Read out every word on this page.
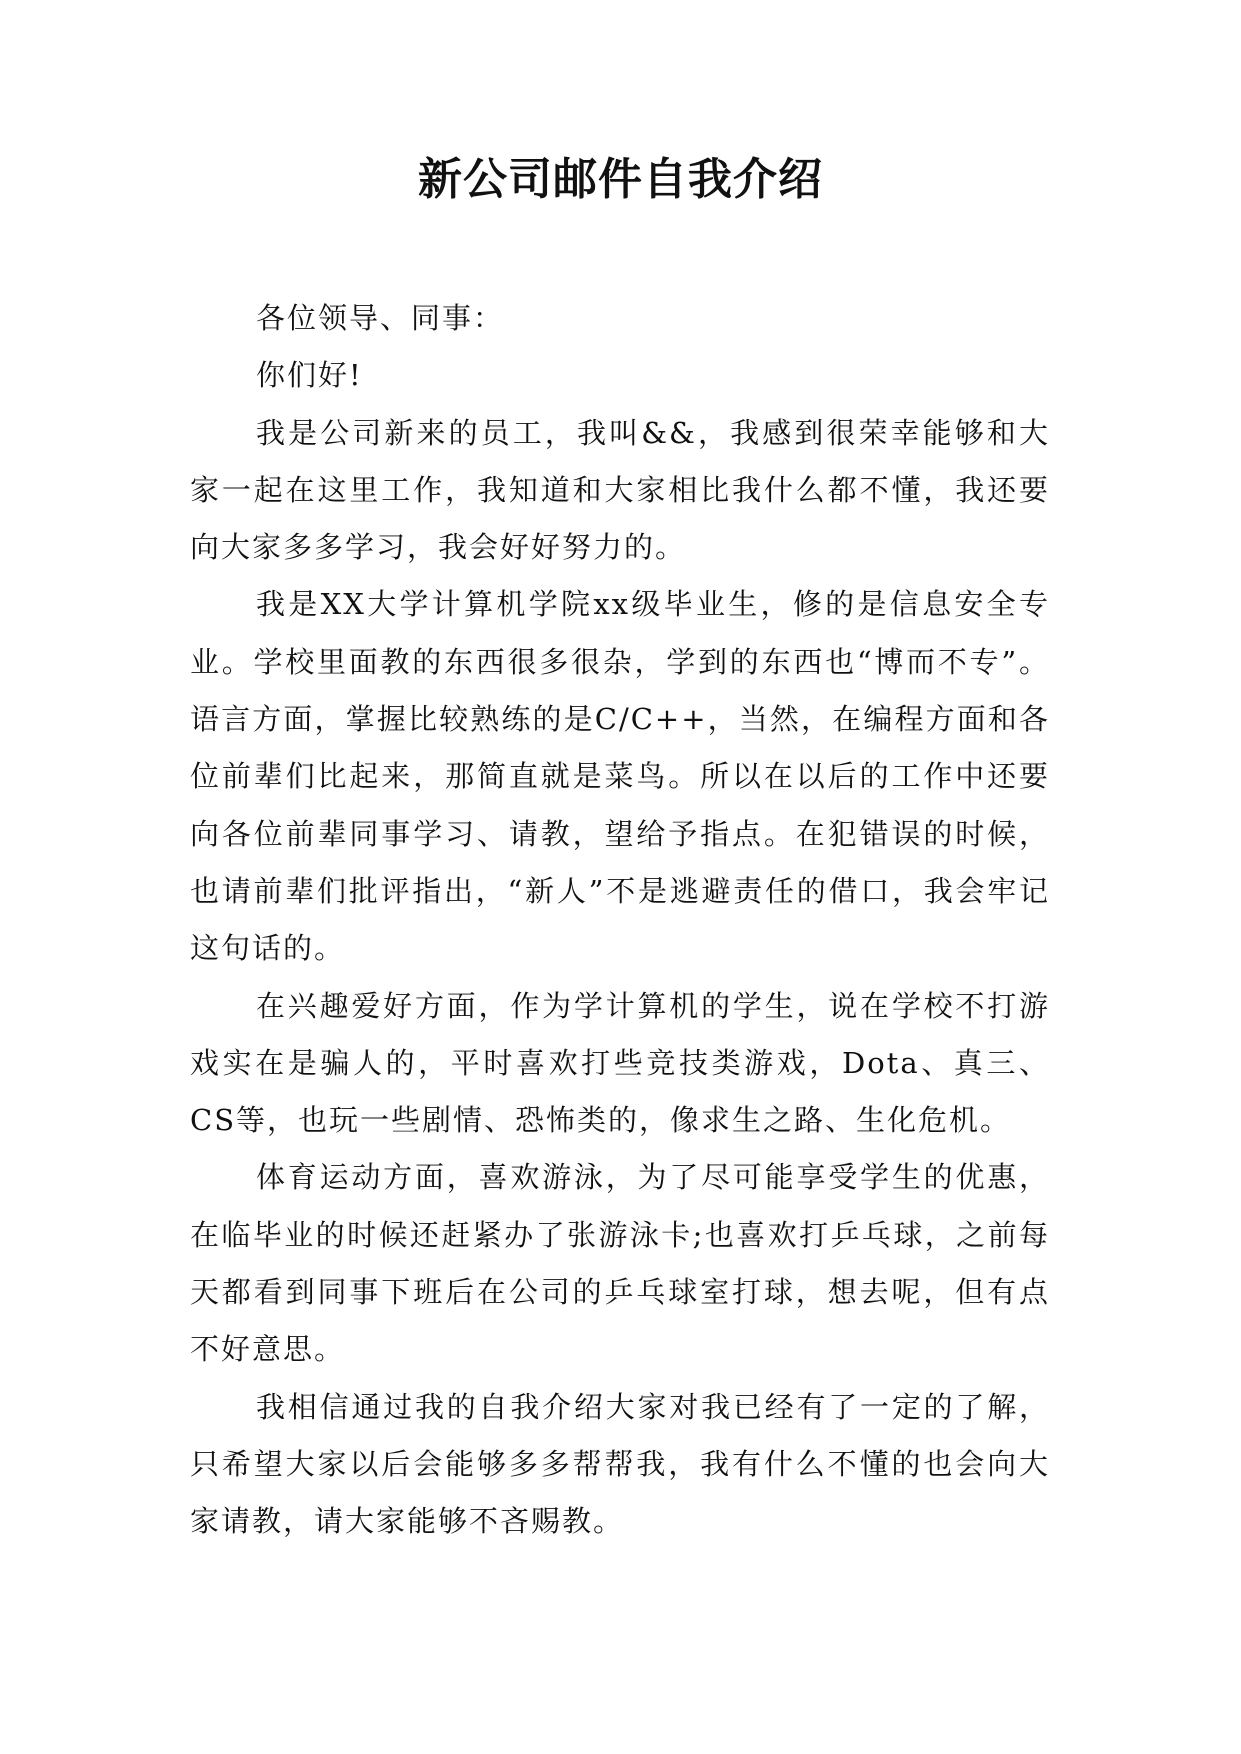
新公司邮件自我介绍

各位领导、同事：

你们好!

我是公司新来的员工，我叫&&，我感到很荣幸能够和大家一起在这里工作，我知道和大家相比我什么都不懂，我还要向大家多多学习，我会好好努力的。

我是XX大学计算机学院xx级毕业生，修的是信息安全专业。学校里面教的东西很多很杂，学到的东西也“博而不专”。语言方面，掌握比较熟练的是C/C++，当然，在编程方面和各位前辈们比起来，那简直就是菜鸟。所以在以后的工作中还要向各位前辈同事学习、请教，望给予指点。在犯错误的时候，也请前辈们批评指出，“新人”不是逃避责任的借口，我会牢记这句话的。

在兴趣爱好方面，作为学计算机的学生，说在学校不打游戏实在是骗人的，平时喜欢打些竞技类游戏，Dota、真三、CS等，也玩一些剧情、恐怖类的，像求生之路、生化危机。

体育运动方面，喜欢游泳，为了尽可能享受学生的优惠，在临毕业的时候还赶紧办了张游泳卡;也喜欢打乒乓球，之前每天都看到同事下班后在公司的乒乓球室打球，想去呢，但有点不好意思。

我相信通过我的自我介绍大家对我已经有了一定的了解，只希望大家以后会能够多多帮帮我，我有什么不懂的也会向大家请教，请大家能够不吝赐教。
